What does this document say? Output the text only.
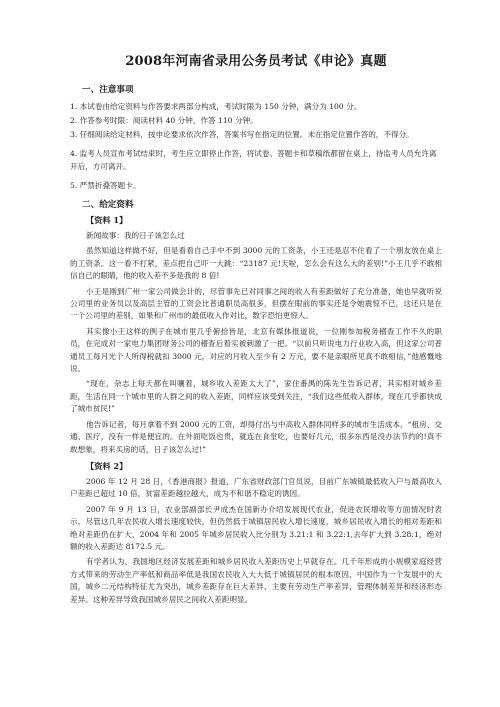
2008年河南省录用公务员考试《申论》真题
一、注意事项
1. 本试卷由给定资料与作答要求两部分构成，考试时限为 150 分钟，满分为 100 分。
2. 作答参考时限：阅读材料 40 分钟，作答 110 分钟。
3. 仔细阅读给定材料，按申论要求依次作答，答案书写在指定的位置。未在指定位置作答的，不得分。
4. 监考人员宣布考试结束时，考生应立即停止作答，将试卷、答题卡和草稿纸都留在桌上，待监考人员允许离开后，方可离开。
5. 严禁折叠答题卡。
二、给定资料
【资料 1】

新闻故事：我的日子该怎么过

虽然知道这样做不好，但是看看自己手中不到 3000 元的工资条，小王还是忍不住看了一个朋友放在桌上的工资条。这一看不打紧，差点把自己吓一大跳：“23187 元!天啦，怎么会有这么大的差别!”小王几乎不敢相信自己的眼睛，他的收入差不多是我的 8 倍!

小王是刚到广州一家公司做会计的，尽管事先已对同事之间的收入有差距做好了充分准备，她也早就听说公司里的业务员以及高层主管的工资会比普通职员高很多，但摆在眼前的事实还是令她震惊不已，这还只是在一个公司里的差别，如果和广州市的最低收入作对比，数字恐怕更惊人。

其实像小王这样的例子在城市里几乎俯拾皆是，北京有媒体报道说，一位刚参加税务稽查工作不久的职员，在完成对一家电力集团财务公司的稽查后着实被刺激了一把。“以前只听说电力行业收入高，但这家公司普通员工每月光个人所得税就扣 3000 元，对应的月收入至少有 2 万元，要不是亲眼所见真不敢相信，”他感慨地说。

“现在，杂志上每天都在叫嚷着，城乡收入差距太大了”，家住番禺的陈先生告诉记者，其实相对城乡差距，生活在同一个城市里的人群之间的收入差距，同样应该受到关注，“我们这些低收入群体，现在几乎都快成了城市贫民!”

他告诉记者，每月拿着不到 2000 元的工资，却得付出与中高收入群体同样多的城市生活成本，“租房、交通、医疗，没有一样是便宜的。在外面吃饭也贵，就连在食堂吃，也要好几元，很多东西是没办法节约的!真不敢想象，将来买房的话，日子该怎么过!”

【资料 2】

2006 年 12 月 28 日，《香港商报》报道，广东省财政部门官员说，目前广东城镇最低收入户与最高收入户差距已超过 10 倍，贫富差距越拉越大，成为不和谐不稳定的诱因。

2007 年 9 月 13 日，农业部副部长尹成杰在国新办介绍发展现代农业，促进农民增收等方面情况时表示，尽管这几年农民收入增长速度较快，但仍然低于城镇居民收入增长速度，城乡居民收入增长的相对差距和绝对差距仍在扩大，2004 年和 2005 年城乡居民收入比分别为 3.21:1 和 3.22:1,去年扩大到 3.28:1，绝对额的收入差距达 8172.5 元。

有学者认为，我国地区经济发展差距和城乡居民收入差距历史上早就存在。几千年形成的小规模家庭经营方式带来的劳动生产率低和商品率低是我国农民收入大大低于城镇居民的根本原因，中国作为一个发展中的大国，城乡二元结构特征尤为突出，城乡差距存在巨大差异、主要有劳动生产率差异，管理体制差异和经济形态差异。这种差异导致我国城乡居民之间收入差距明显。
